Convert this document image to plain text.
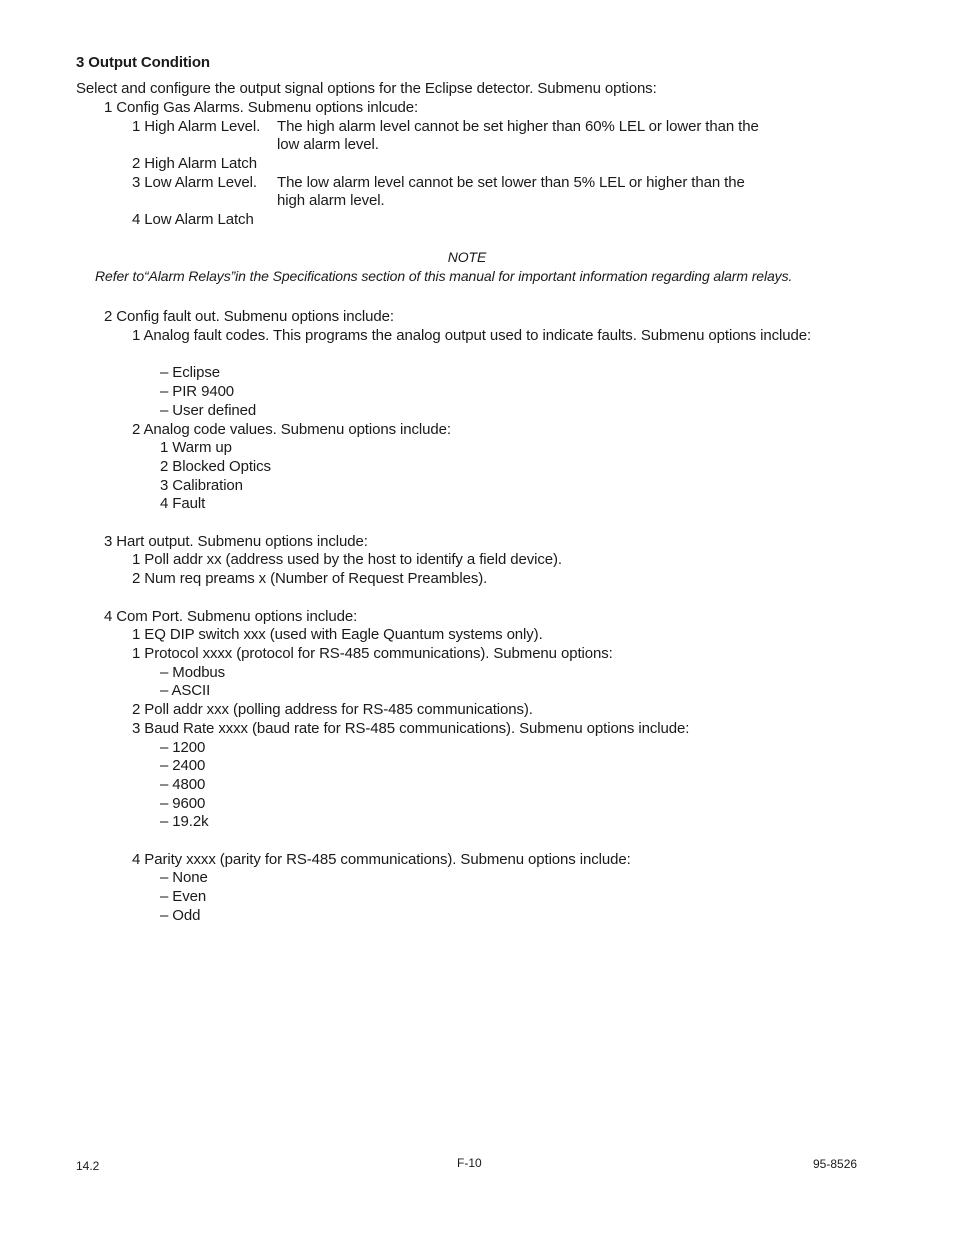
3 Output Condition
Select and configure the output signal options for the Eclipse detector. Submenu options:
1 Config Gas Alarms. Submenu options inlcude:
1 High Alarm Level. The high alarm level cannot be set higher than 60% LEL or lower than the
low alarm level.
2 High Alarm Latch
3 Low Alarm Level. The low alarm level cannot be set lower than 5% LEL or higher than the
high alarm level.
4 Low Alarm Latch
NOTE
Refer to“Alarm Relays”in the Specifications section of this manual for important information regarding alarm relays.
2 Config fault out. Submenu options include:
1 Analog fault codes. This programs the analog output used to indicate faults. Submenu options include:
– Eclipse
– PIR 9400
– User defined
2 Analog code values. Submenu options include:
1 Warm up
2 Blocked Optics
3 Calibration
4 Fault
3 Hart output. Submenu options include:
1 Poll addr xx (address used by the host to identify a field device).
2 Num req preams x (Number of Request Preambles).
4 Com Port. Submenu options include:
1 EQ DIP switch xxx (used with Eagle Quantum systems only).
1 Protocol xxxx (protocol for RS-485 communications). Submenu options:
– Modbus
– ASCII
2 Poll addr xxx (polling address for RS-485 communications).
3 Baud Rate xxxx (baud rate for RS-485 communications). Submenu options include:
– 1200
– 2400
– 4800
– 9600
– 19.2k
4 Parity xxxx (parity for RS-485 communications). Submenu options include:
– None
– Even
– Odd
14.2	F-10	95-8526
